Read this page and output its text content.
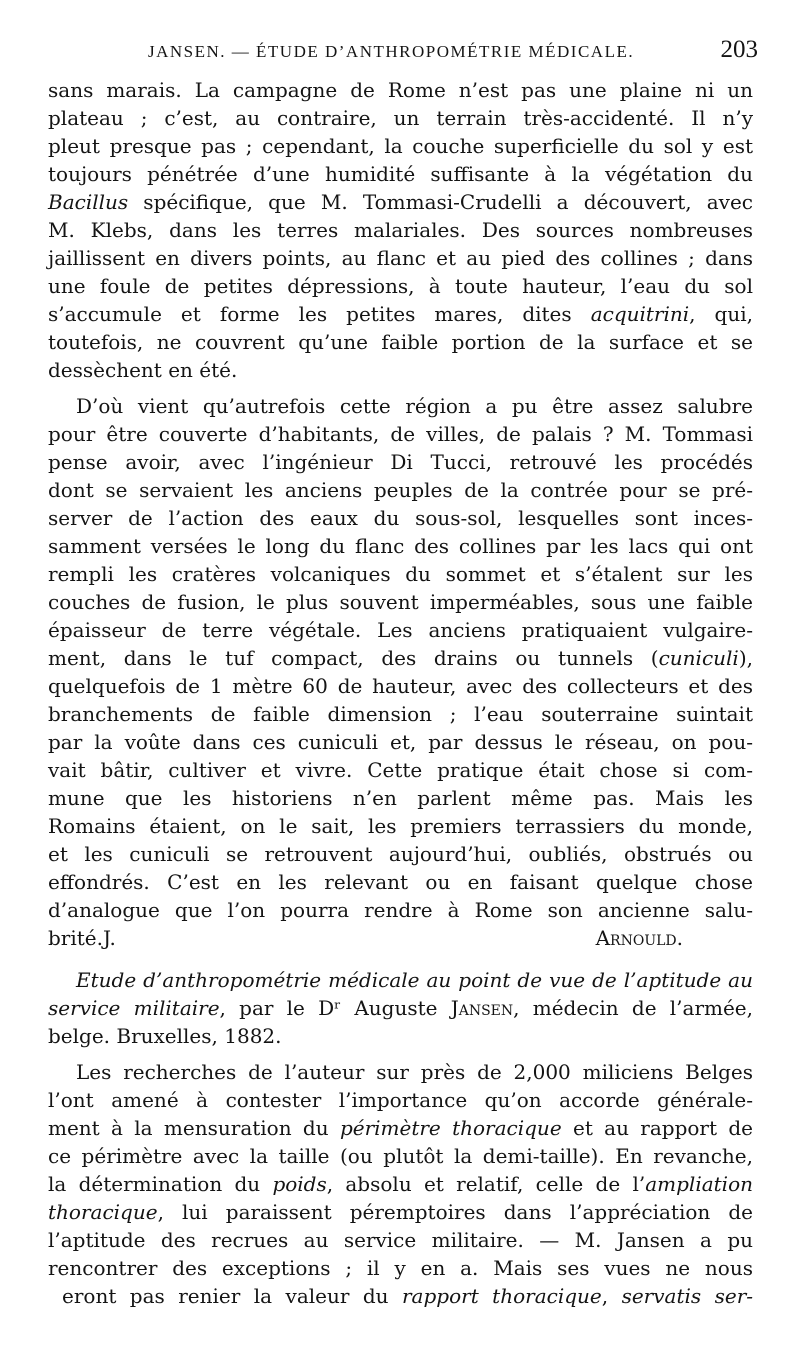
JANSEN. — ÉTUDE D’ANTHROPOMÉTRIE MÉDICALE.	203
sans marais. La campagne de Rome n’est pas une plaine ni un
plateau ; c’est, au contraire, un terrain très-accidenté. Il n’y
pleut presque pas ; cependant, la couche superficielle du sol y est
toujours pénétrée d’une humidité suffisante à la végétation du
Bacillus spécifique, que M. Tommasi-Crudelli a découvert, avec
M. Klebs, dans les terres malariales. Des sources nombreuses
jaillissent en divers points, au flanc et au pied des collines ; dans
une foule de petites dépressions, à toute hauteur, l’eau du sol
s’accumule et forme les petites mares, dites acquitrini, qui,
toutefois, ne couvrent qu’une faible portion de la surface et se
dessèchent en été.
D’où vient qu’autrefois cette région a pu être assez salubre
pour être couverte d’habitants, de villes, de palais ? M. Tommasi
pense avoir, avec l’ingénieur Di Tucci, retrouvé les procédés
dont se servaient les anciens peuples de la contrée pour se pré-
server de l’action des eaux du sous-sol, lesquelles sont inces-
samment versées le long du flanc des collines par les lacs qui ont
rempli les cratères volcaniques du sommet et s’étalent sur les
couches de fusion, le plus souvent imperméables, sous une faible
épaisseur de terre végétale. Les anciens pratiquaient vulgaire-
ment, dans le tuf compact, des drains ou tunnels (cuniculi),
quelquefois de 1 mètre 60 de hauteur, avec des collecteurs et des
branchements de faible dimension ; l’eau souterraine suintait
par la voûte dans ces cuniculi et, par dessus le réseau, on pou-
vait bâtir, cultiver et vivre. Cette pratique était chose si com-
mune que les historiens n’en parlent même pas. Mais les
Romains étaient, on le sait, les premiers terrassiers du monde,
et les cuniculi se retrouvent aujourd’hui, oubliés, obstrués ou
effondrés. C’est en les relevant ou en faisant quelque chose
d’analogue que l’on pourra rendre à Rome son ancienne salu-
brité.J. Arnould.
Etude d’anthropométrie médicale au point de vue de l’aptitude au
service militaire, par le Dʳ Auguste Jansen, médecin de l’armée,
belge. Bruxelles, 1882.
Les recherches de l’auteur sur près de 2,000 miliciens Belges
l’ont amené à contester l’importance qu’on accorde générale-
ment à la mensuration du périmètre thoracique et au rapport de
ce périmètre avec la taille (ou plutôt la demi-taille). En revanche,
la détermination du poids, absolu et relatif, celle de l’ampliation
thoracique, lui paraissent péremptoires dans l’appréciation de
l’aptitude des recrues au service militaire. — M. Jansen a pu
rencontrer des exceptions ; il y en a. Mais ses vues ne nous
eront pas renier la valeur du rapport thoracique, servatis ser-
